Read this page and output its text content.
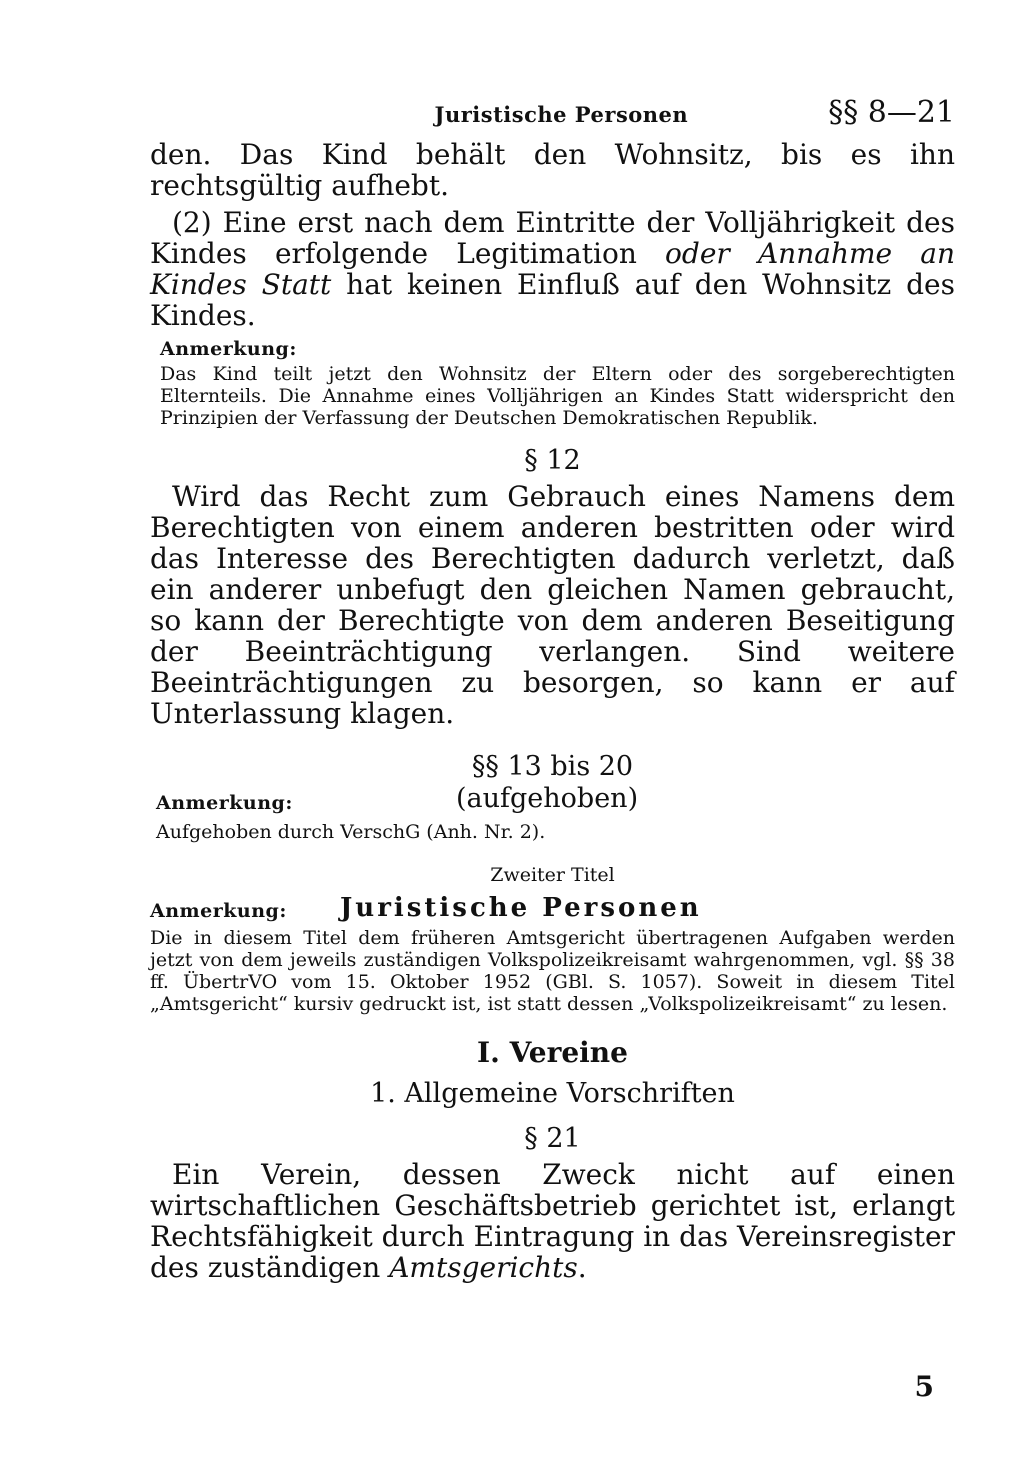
Juristische Personen	§§ 8—21

den. Das Kind behält den Wohnsitz, bis es ihn rechtsgültig aufhebt.

(2) Eine erst nach dem Eintritte der Volljährigkeit des Kindes erfolgende Legitimation oder Annahme an Kindes Statt hat keinen Einfluß auf den Wohnsitz des Kindes.

Anmerkung:

Das Kind teilt jetzt den Wohnsitz der Eltern oder des sorgeberechtigten Elternteils. Die Annahme eines Volljährigen an Kindes Statt widerspricht den Prinzipien der Verfassung der Deutschen Demokratischen Republik.

§ 12

Wird das Recht zum Gebrauch eines Namens dem Berechtigten von einem anderen bestritten oder wird das Interesse des Berechtigten dadurch verletzt, daß ein anderer unbefugt den gleichen Namen gebraucht, so kann der Berechtigte von dem anderen Beseitigung der Beeinträchtigung verlangen. Sind weitere Beeinträchtigungen zu besorgen, so kann er auf Unterlassung klagen.

§§ 13 bis 20
Anmerkung:	(aufgehoben)

Aufgehoben durch VerschG (Anh. Nr. 2).

Zweiter Titel
Anmerkung:	Juristische Personen

Die in diesem Titel dem früheren Amtsgericht übertragenen Aufgaben werden jetzt von dem jeweils zuständigen Volkspolizeikreisamt wahrgenommen, vgl. §§ 38 ff. ÜbertrVO vom 15. Oktober 1952 (GBl. S. 1057). Soweit in diesem Titel „Amtsgericht“ kursiv gedruckt ist, ist statt dessen „Volkspolizeikreisamt“ zu lesen.

I. Vereine
1. Allgemeine Vorschriften
§ 21

Ein Verein, dessen Zweck nicht auf einen wirtschaftlichen Geschäftsbetrieb gerichtet ist, erlangt Rechtsfähigkeit durch Eintragung in das Vereinsregister des zuständigen Amtsgerichts.

5
